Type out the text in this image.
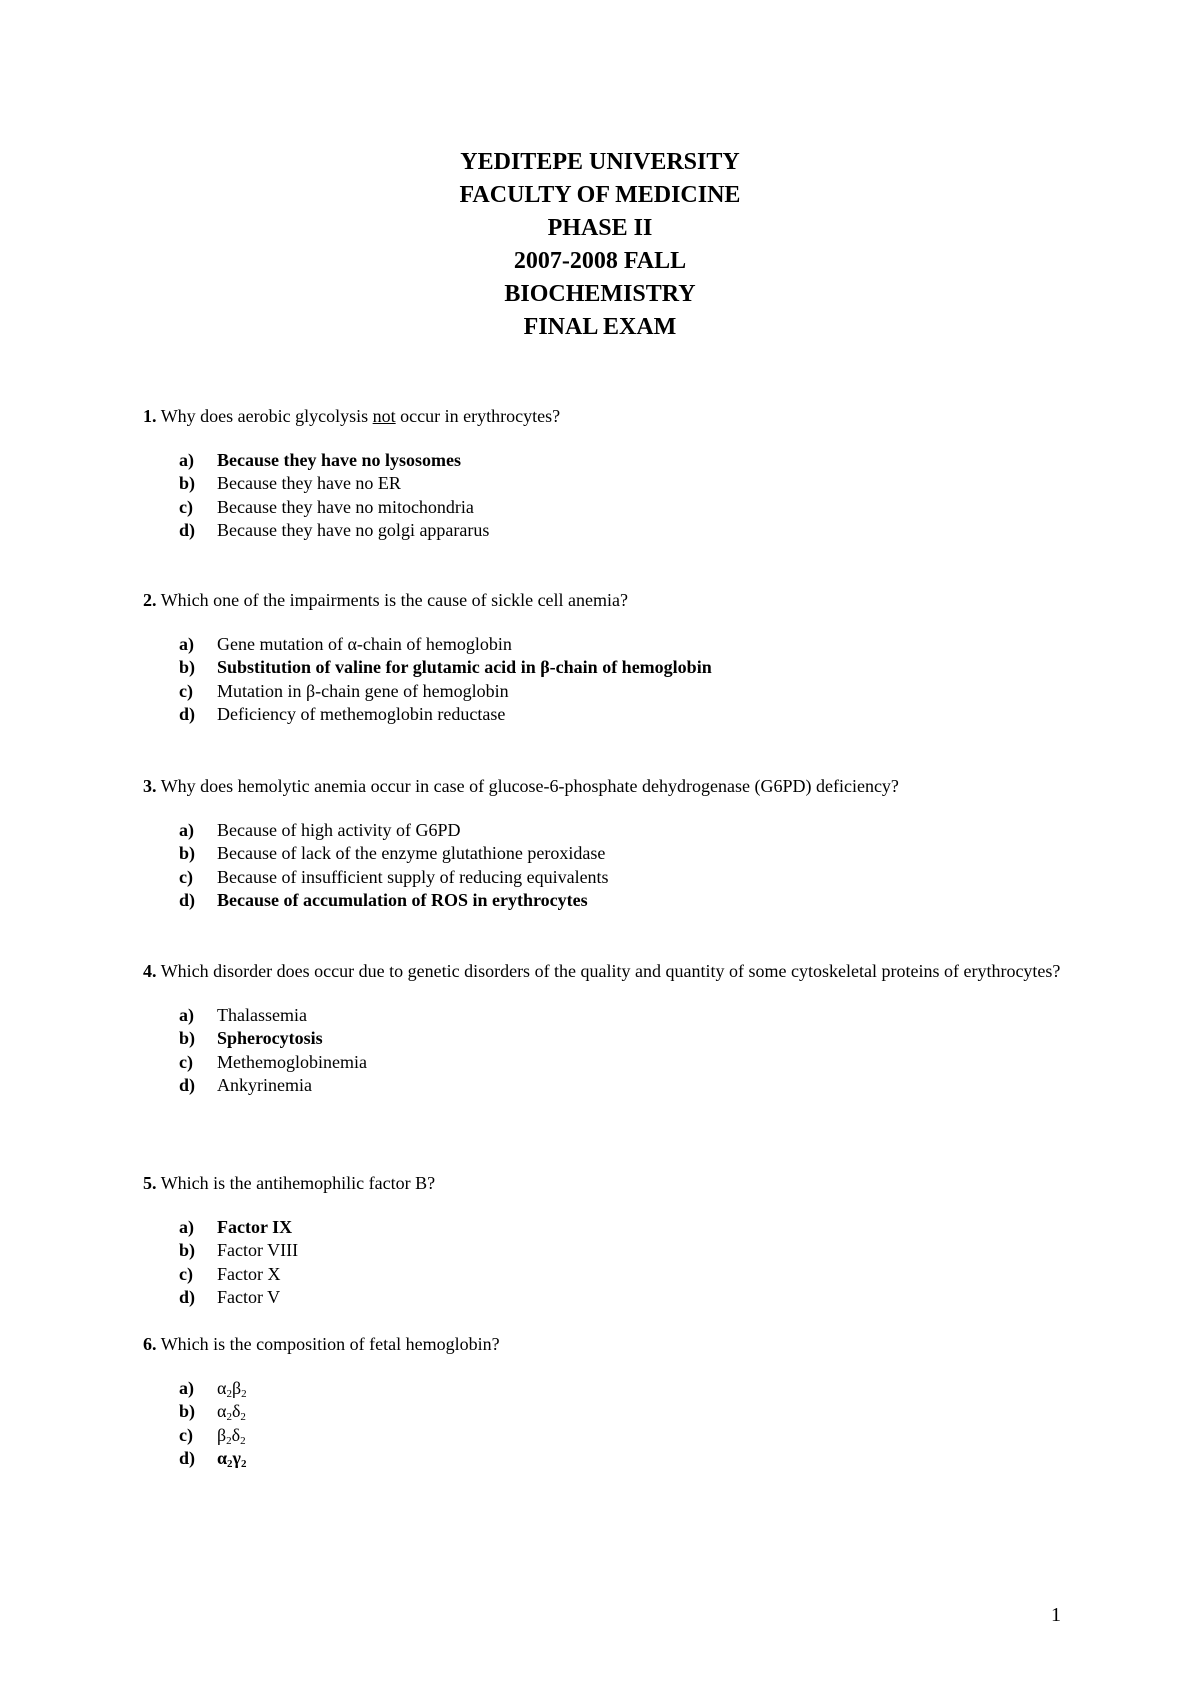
YEDITEPE UNIVERSITY
FACULTY OF MEDICINE
PHASE II
2007-2008 FALL
BIOCHEMISTRY
FINAL EXAM
1. Why does aerobic glycolysis not occur in erythrocytes?
a) Because they have no lysosomes
b) Because they have no ER
c) Because they have no mitochondria
d) Because they have no golgi appararus
2. Which one of the impairments is the cause of sickle cell anemia?
a) Gene mutation of α-chain of hemoglobin
b) Substitution of valine for glutamic acid in β-chain of hemoglobin
c) Mutation in β-chain gene of hemoglobin
d) Deficiency of methemoglobin reductase
3. Why does hemolytic anemia occur in case of glucose-6-phosphate dehydrogenase (G6PD) deficiency?
a) Because of high activity of G6PD
b) Because of lack of the enzyme glutathione peroxidase
c) Because of insufficient supply of reducing equivalents
d) Because of accumulation of ROS in erythrocytes
4. Which disorder does occur due to genetic disorders of the quality and quantity of some cytoskeletal proteins of erythrocytes?
a) Thalassemia
b) Spherocytosis
c) Methemoglobinemia
d) Ankyrinemia
5. Which is the antihemophilic factor B?
a) Factor IX
b) Factor VIII
c) Factor X
d) Factor V
6. Which is the composition of fetal hemoglobin?
a) $\alpha_2\beta_2$
b) $\alpha_2\delta_2$
c) $\beta_2\delta_2$
d) $\alpha_2\gamma_2$
1
